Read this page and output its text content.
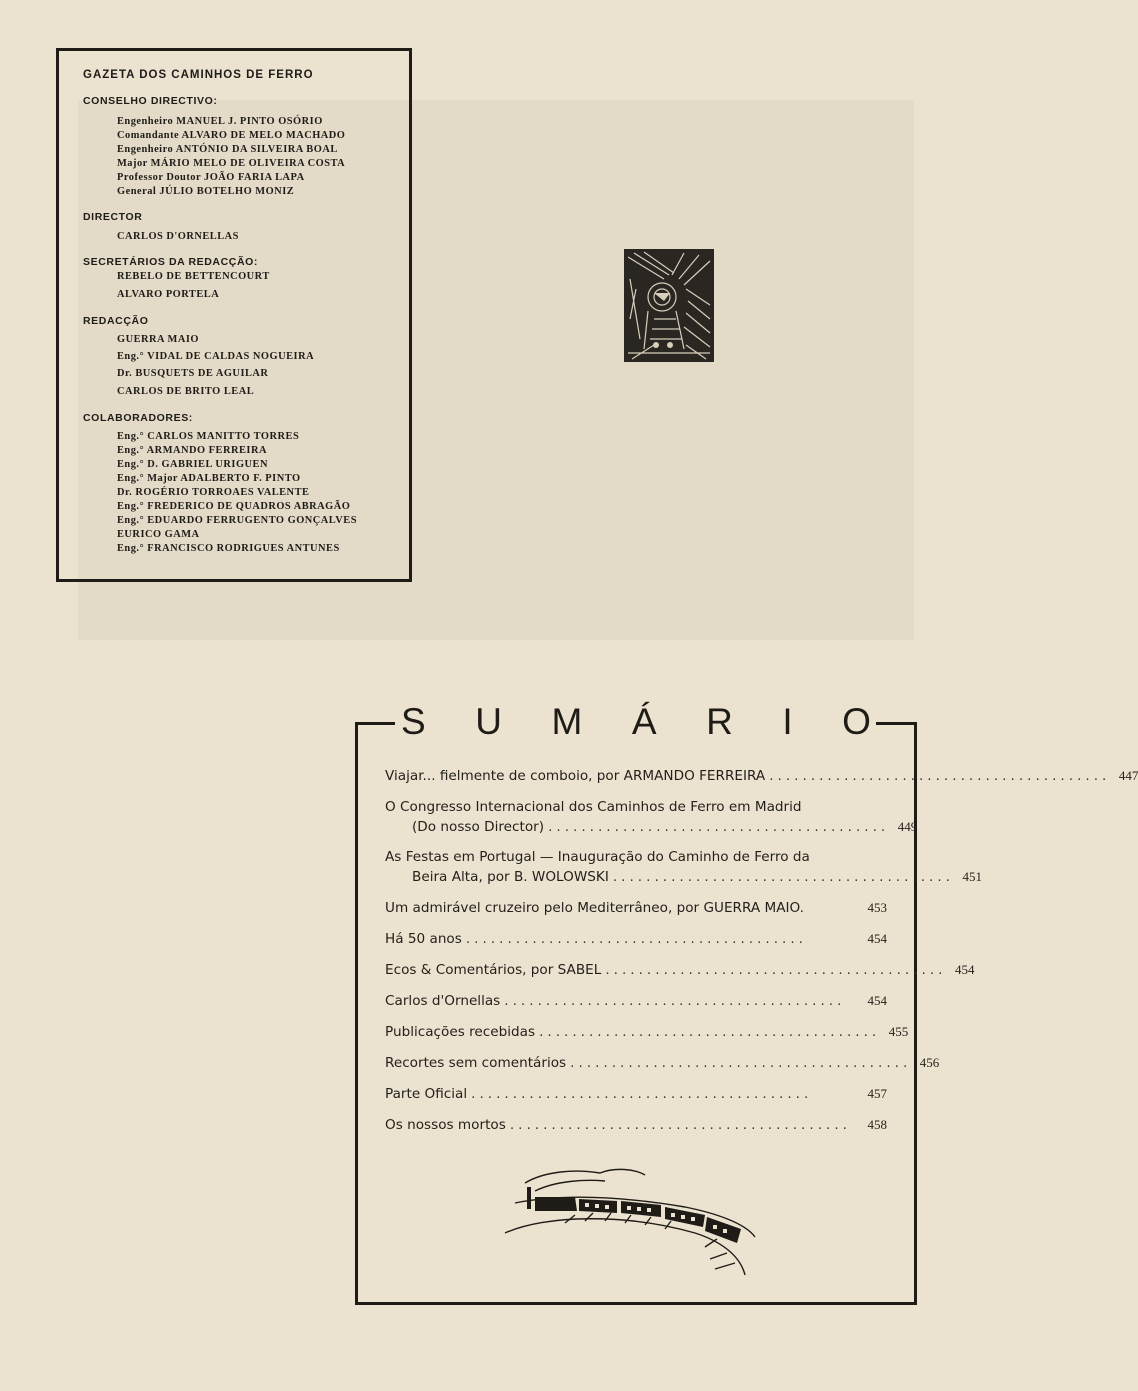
GAZETA DOS CAMINHOS DE FERRO
CONSELHO DIRECTIVO:
Engenheiro MANUEL J. PINTO OSÓRIO
Comandante ALVARO DE MELO MACHADO
Engenheiro ANTÓNIO DA SILVEIRA BOAL
Major MÁRIO MELO DE OLIVEIRA COSTA
Professor Doutor JOÃO FARIA LAPA
General JÚLIO BOTELHO MONIZ
DIRECTOR
CARLOS D'ORNELLAS
SECRETÁRIOS DA REDACÇÃO:
REBELO DE BETTENCOURT
ALVARO PORTELA
REDACÇÃO
GUERRA MAIO
Eng.° VIDAL DE CALDAS NOGUEIRA
Dr. BUSQUETS DE AGUILAR
CARLOS DE BRITO LEAL
COLABORADORES:
Eng.° CARLOS MANITTO TORRES
Eng.° ARMANDO FERREIRA
Eng.° D. GABRIEL URIGUEN
Eng.° Major ADALBERTO F. PINTO
Dr. ROGÉRIO TORROAES VALENTE
Eng.° FREDERICO DE QUADROS ABRAGÃO
Eng.° EDUARDO FERRUGENTO GONÇALVES
EURICO GAMA
Eng.° FRANCISCO RODRIGUES ANTUNES
S U M Á R I O
Viajar... fielmente de comboio, por ARMANDO FERREIRA ......................................... 447
O Congresso Internacional dos Caminhos de Ferro em Madrid
(Do nosso Director) ......................................... 449
As Festas em Portugal — Inauguração do Caminho de Ferro da
Beira Alta, por B. WOLOWSKI ......................................... 451
Um admirável cruzeiro pelo Mediterrâneo, por GUERRA MAIO.	453
Há 50 anos .........................................	454
Ecos & Comentários, por SABEL ......................................... 454
Carlos d'Ornellas .........................................	454
Publicações recebidas ......................................... 455
Recortes sem comentários ......................................... 456
Parte Oficial .........................................	457
Os nossos mortos .........................................	458
